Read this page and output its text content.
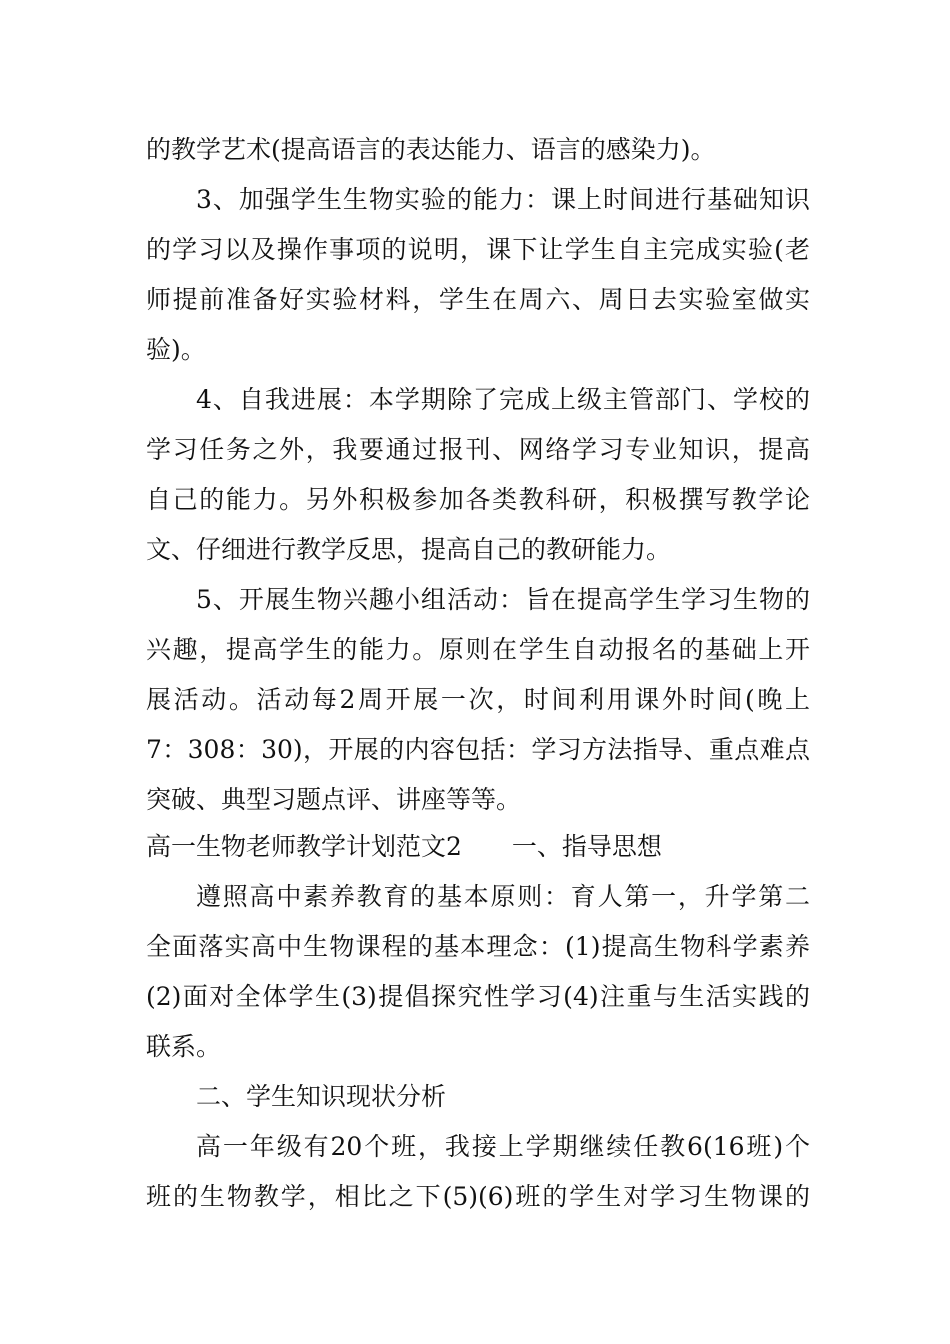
的教学艺术(提高语言的表达能力、语言的感染力)。
3、加强学生生物实验的能力：课上时间进行基础知识
的学习以及操作事项的说明，课下让学生自主完成实验(老
师提前准备好实验材料，学生在周六、周日去实验室做实
验)。
4、自我进展：本学期除了完成上级主管部门、学校的
学习任务之外，我要通过报刊、网络学习专业知识，提高
自己的能力。另外积极参加各类教科研，积极撰写教学论
文、仔细进行教学反思，提高自己的教研能力。
5、开展生物兴趣小组活动：旨在提高学生学习生物的
兴趣，提高学生的能力。原则在学生自动报名的基础上开
展活动。活动每2周开展一次，时间利用课外时间(晚上
7：308：30)，开展的内容包括：学习方法指导、重点难点
突破、典型习题点评、讲座等等。
高一生物老师教学计划范文2　　一、指导思想
遵照高中素养教育的基本原则：育人第一，升学第二
全面落实高中生物课程的基本理念：(1)提高生物科学素养
(2)面对全体学生(3)提倡探究性学习(4)注重与生活实践的
联系。
二、学生知识现状分析
高一年级有20个班，我接上学期继续任教6(16班)个
班的生物教学，相比之下(5)(6)班的学生对学习生物课的
